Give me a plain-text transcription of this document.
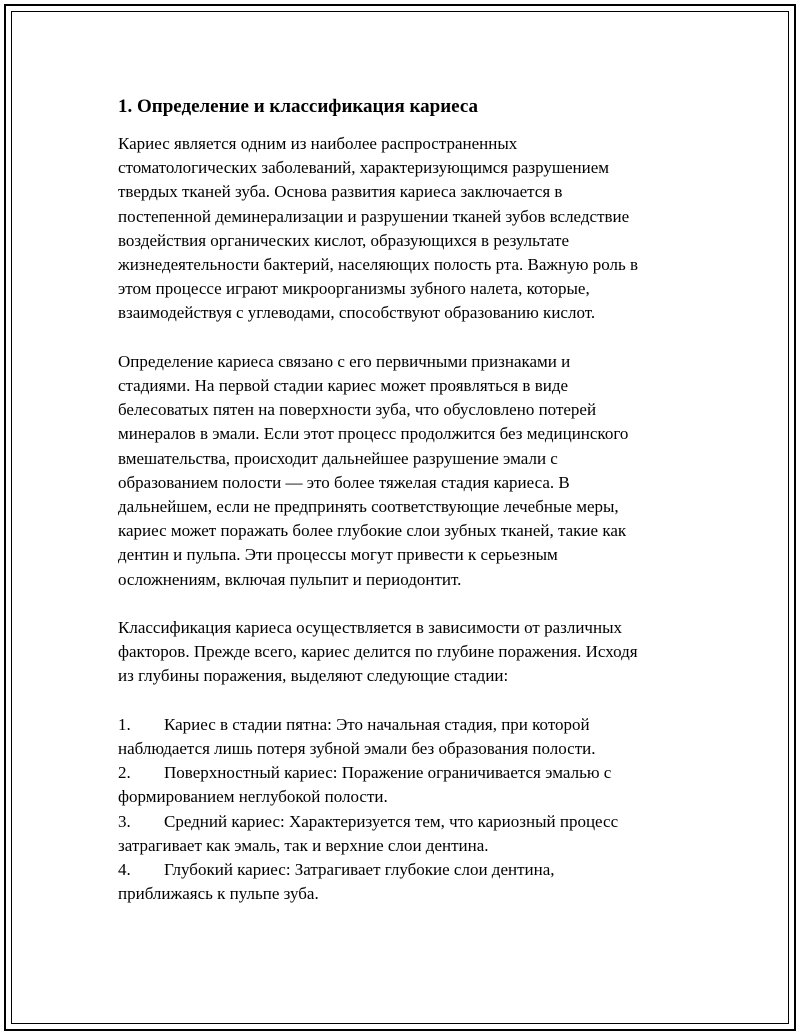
1. Определение и классификация кариеса
Кариес является одним из наиболее распространенных
стоматологических заболеваний, характеризующимся разрушением
твердых тканей зуба. Основа развития кариеса заключается в
постепенной деминерализации и разрушении тканей зубов вследствие
воздействия органических кислот, образующихся в результате
жизнедеятельности бактерий, населяющих полость рта. Важную роль в
этом процессе играют микроорганизмы зубного налета, которые,
взаимодействуя с углеводами, способствуют образованию кислот.
Определение кариеса связано с его первичными признаками и
стадиями. На первой стадии кариес может проявляться в виде
белесоватых пятен на поверхности зуба, что обусловлено потерей
минералов в эмали. Если этот процесс продолжится без медицинского
вмешательства, происходит дальнейшее разрушение эмали с
образованием полости — это более тяжелая стадия кариеса. В
дальнейшем, если не предпринять соответствующие лечебные меры,
кариес может поражать более глубокие слои зубных тканей, такие как
дентин и пульпа. Эти процессы могут привести к серьезным
осложнениям, включая пульпит и периодонтит.
Классификация кариеса осуществляется в зависимости от различных
факторов. Прежде всего, кариес делится по глубине поражения. Исходя
из глубины поражения, выделяют следующие стадии:
1. Кариес в стадии пятна: Это начальная стадия, при которой
наблюдается лишь потеря зубной эмали без образования полости.
2. Поверхностный кариес: Поражение ограничивается эмалью с
формированием неглубокой полости.
3. Средний кариес: Характеризуется тем, что кариозный процесс
затрагивает как эмаль, так и верхние слои дентина.
4. Глубокий кариес: Затрагивает глубокие слои дентина,
приближаясь к пульпе зуба.
